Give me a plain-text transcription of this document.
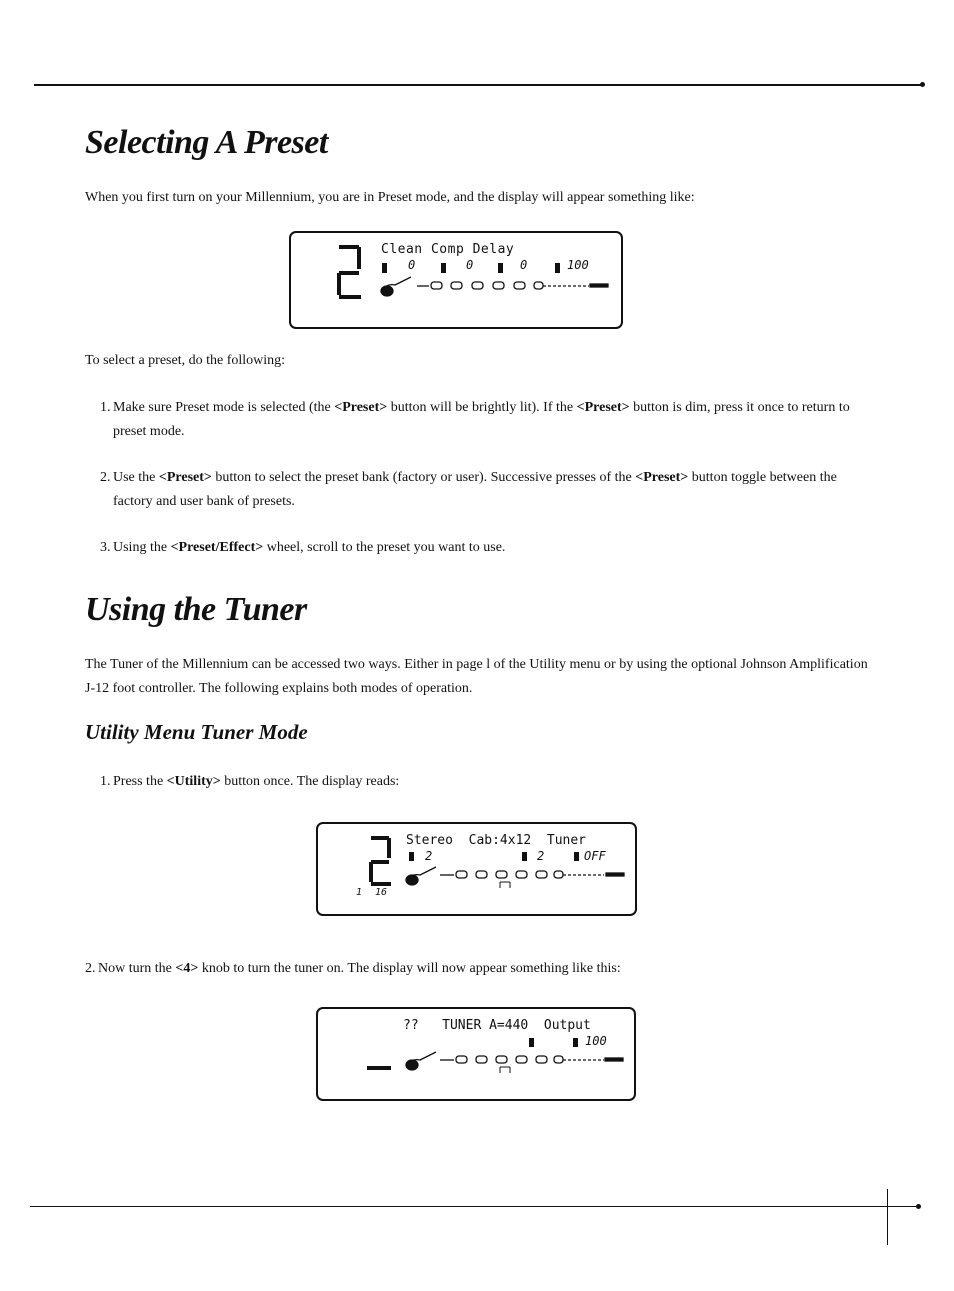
Selecting A Preset

When you first turn on your Millennium, you are in Preset mode, and the display will appear something like:

Clean Comp Delay
0	0	0	100

To select a preset, do the following:

1. Make sure Preset mode is selected (the <Preset> button will be brightly lit). If the <Preset> button is dim, press it once to return to
preset mode.
2. Use the <Preset> button to select the preset bank (factory or user). Successive presses of the <Preset> button toggle between the
factory and user bank of presets.
3. Using the <Preset/Effect> wheel, scroll to the preset you want to use.
Using the Tuner

The Tuner of the Millennium can be accessed two ways. Either in page l of the Utility menu or by using the optional Johnson Amplification
J-12 foot controller. The following explains both modes of operation.

Utility Menu Tuner Mode
1. Press the <Utility> button once. The display reads:
Stereo  Cab:4x12  Tuner
2	2	OFF
1 16
2. Now turn the <4> knob to turn the tuner on. The display will now appear something like this:
??   TUNER A=440  Output
100
